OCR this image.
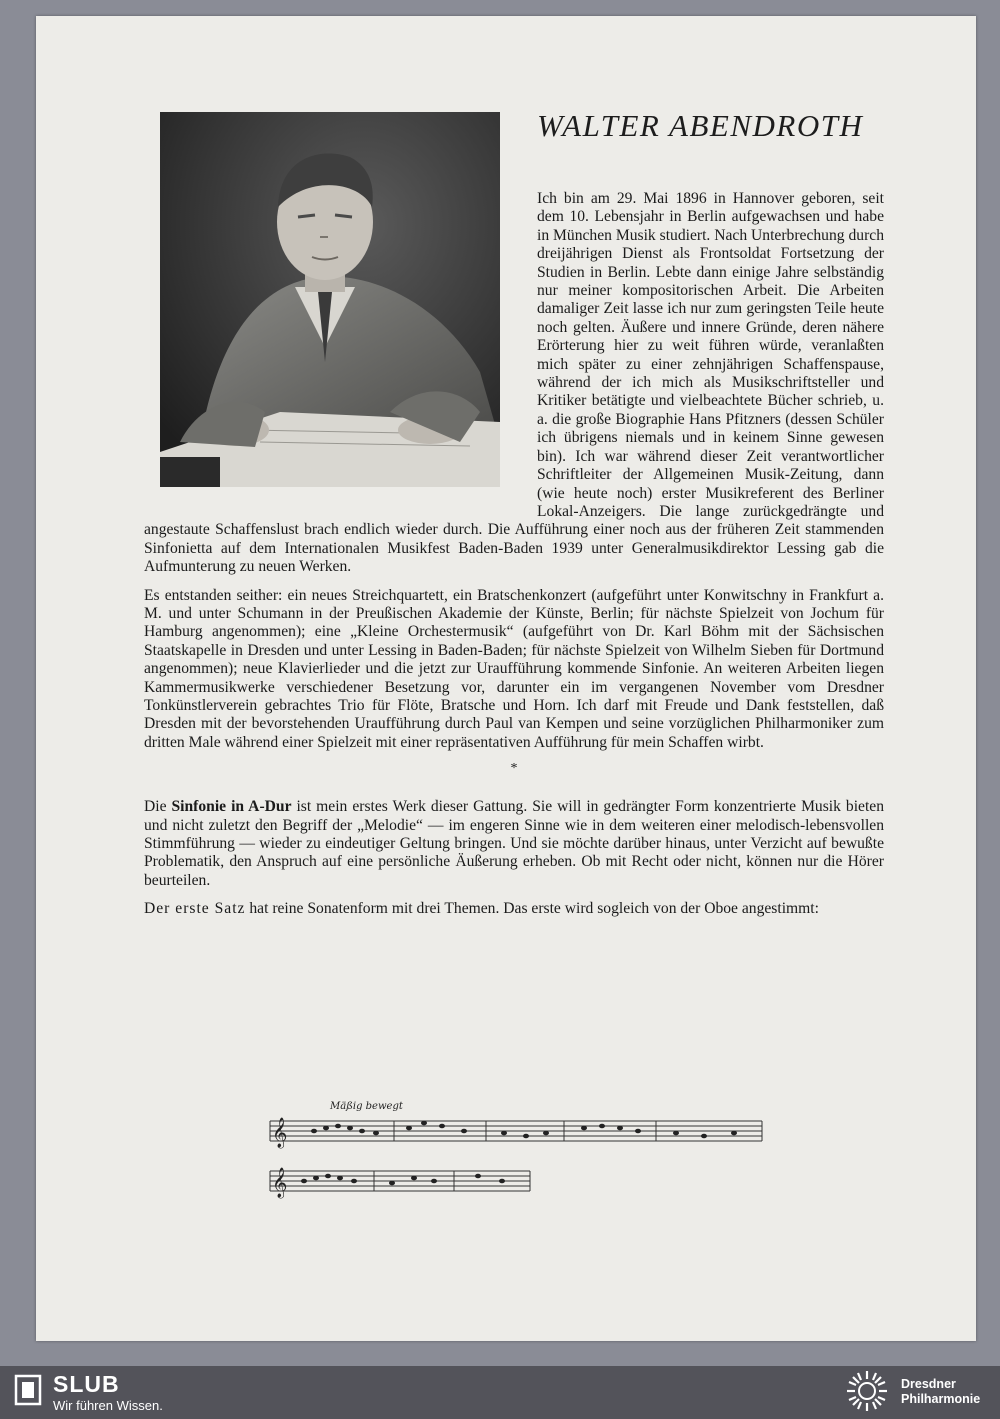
WALTER ABENDROTH

Ich bin am 29. Mai 1896 in Hannover geboren, seit dem 10. Lebensjahr in Berlin aufgewachsen und habe in München Musik studiert. Nach Unterbrechung durch dreijährigen Dienst als Frontsoldat Fortsetzung der Studien in Berlin. Lebte dann einige Jahre selbständig nur meiner kompositorischen Arbeit. Die Arbeiten damaliger Zeit lasse ich nur zum geringsten Teile heute noch gelten. Äußere und innere Gründe, deren nähere Erörterung hier zu weit führen würde, veranlaßten mich später zu einer zehnjährigen Schaffenspause, während der ich mich als Musikschriftsteller und Kritiker betätigte und vielbeachtete Bücher schrieb, u. a. die große Biographie Hans Pfitzners (dessen Schüler ich übrigens niemals und in keinem Sinne gewesen bin). Ich war während dieser Zeit verantwortlicher Schriftleiter der Allgemeinen Musik-Zeitung, dann (wie heute noch) erster Musikreferent des Berliner Lokal-Anzeigers. Die lange zurückgedrängte und angestaute Schaffenslust brach endlich wieder durch. Die Aufführung einer noch aus der früheren Zeit stammenden Sinfonietta auf dem Internationalen Musikfest Baden-Baden 1939 unter Generalmusikdirektor Lessing gab die Aufmunterung zu neuen Werken.

Es entstanden seither: ein neues Streichquartett, ein Bratschenkonzert (aufgeführt unter Konwitschny in Frankfurt a. M. und unter Schumann in der Preußischen Akademie der Künste, Berlin; für nächste Spielzeit von Jochum für Hamburg angenommen); eine „Kleine Orchestermusik“ (aufgeführt von Dr. Karl Böhm mit der Sächsischen Staatskapelle in Dresden und unter Lessing in Baden-Baden; für nächste Spielzeit von Wilhelm Sieben für Dortmund angenommen); neue Klavierlieder und die jetzt zur Uraufführung kommende Sinfonie. An weiteren Arbeiten liegen Kammermusikwerke verschiedener Besetzung vor, darunter ein im vergangenen November vom Dresdner Tonkünstlerverein gebrachtes Trio für Flöte, Bratsche und Horn. Ich darf mit Freude und Dank feststellen, daß Dresden mit der bevorstehenden Uraufführung durch Paul van Kempen und seine vorzüglichen Philharmoniker zum dritten Male während einer Spielzeit mit einer repräsentativen Aufführung für mein Schaffen wirbt.

*

Die Sinfonie in A-Dur ist mein erstes Werk dieser Gattung. Sie will in gedrängter Form konzentrierte Musik bieten und nicht zuletzt den Begriff der „Melodie“ — im engeren Sinne wie in dem weiteren einer melodisch-lebensvollen Stimmführung — wieder zu eindeutiger Geltung bringen. Und sie möchte darüber hinaus, unter Verzicht auf bewußte Problematik, den Anspruch auf eine persönliche Äußerung erheben. Ob mit Recht oder nicht, können nur die Hörer beurteilen.

Der erste Satz hat reine Sonatenform mit drei Themen. Das erste wird sogleich von der Oboe angestimmt:

Mäßig bewegt
𝄞
𝄞
SLUB
Wir führen Wissen.
Dresdner
Philharmonie
